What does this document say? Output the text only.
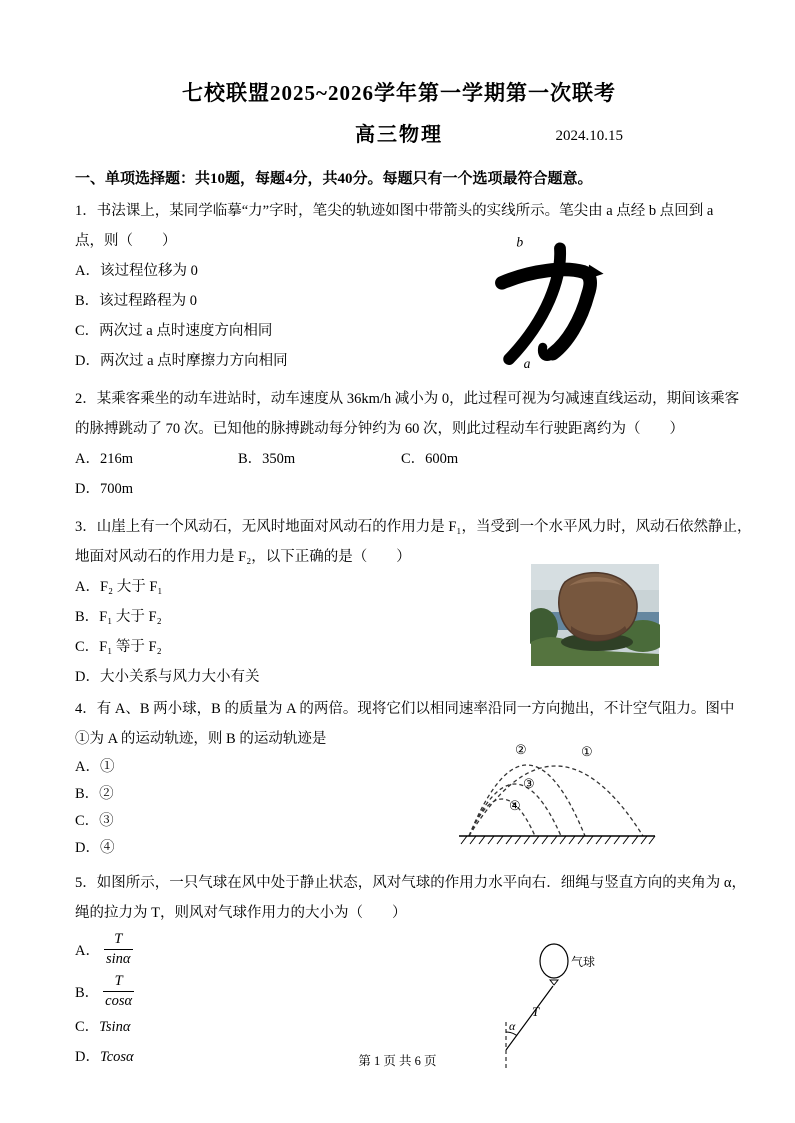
七校联盟2025~2026学年第一学期第一次联考
高三物理	2024.10.15
一、单项选择题：共10题，每题4分，共40分。每题只有一个选项最符合题意。

1．书法课上，某同学临摹“力”字时，笔尖的轨迹如图中带箭头的实线所示。笔尖由 a 点经 b 点回到 a

点，则（　　）

A．该过程位移为 0

B．该过程路程为 0

C．两次过 a 点时速度方向相同

D．两次过 a 点时摩擦力方向相同

b
a

2．某乘客乘坐的动车进站时，动车速度从 36km/h 减小为 0，此过程可视为匀减速直线运动，期间该乘客

的脉搏跳动了 70 次。已知他的脉搏跳动每分钟约为 60 次，则此过程动车行驶距离约为（　　）

A．216m	B．350m	C．600mD．700m

3．山崖上有一个风动石，无风时地面对风动石的作用力是 F₁，当受到一个水平风力时，风动石依然静止，

地面对风动石的作用力是 F₂，以下正确的是（　　）

A．F₂ 大于 F₁

B．F₁ 大于 F₂

C．F₁ 等于 F₂

D．大小关系与风力大小有关

4．有 A、B 两小球，B 的质量为 A 的两倍。现将它们以相同速率沿同一方向抛出，不计空气阻力。图中

①为 A 的运动轨迹，则 B 的运动轨迹是

A．①

B．②

C．③

D．④

①
②
③
④

5．如图所示，一只气球在风中处于静止状态，风对气球的作用力水平向右．细绳与竖直方向的夹角为 α，

绳的拉力为 T，则风对气球作用力的大小为（　　）

A． $\frac{T}{\sin\alpha}$

B． $\frac{T}{\cos\alpha}$

C．Tsinα

D．Tcosα

α
T
气球
第 1 页 共 6 页
